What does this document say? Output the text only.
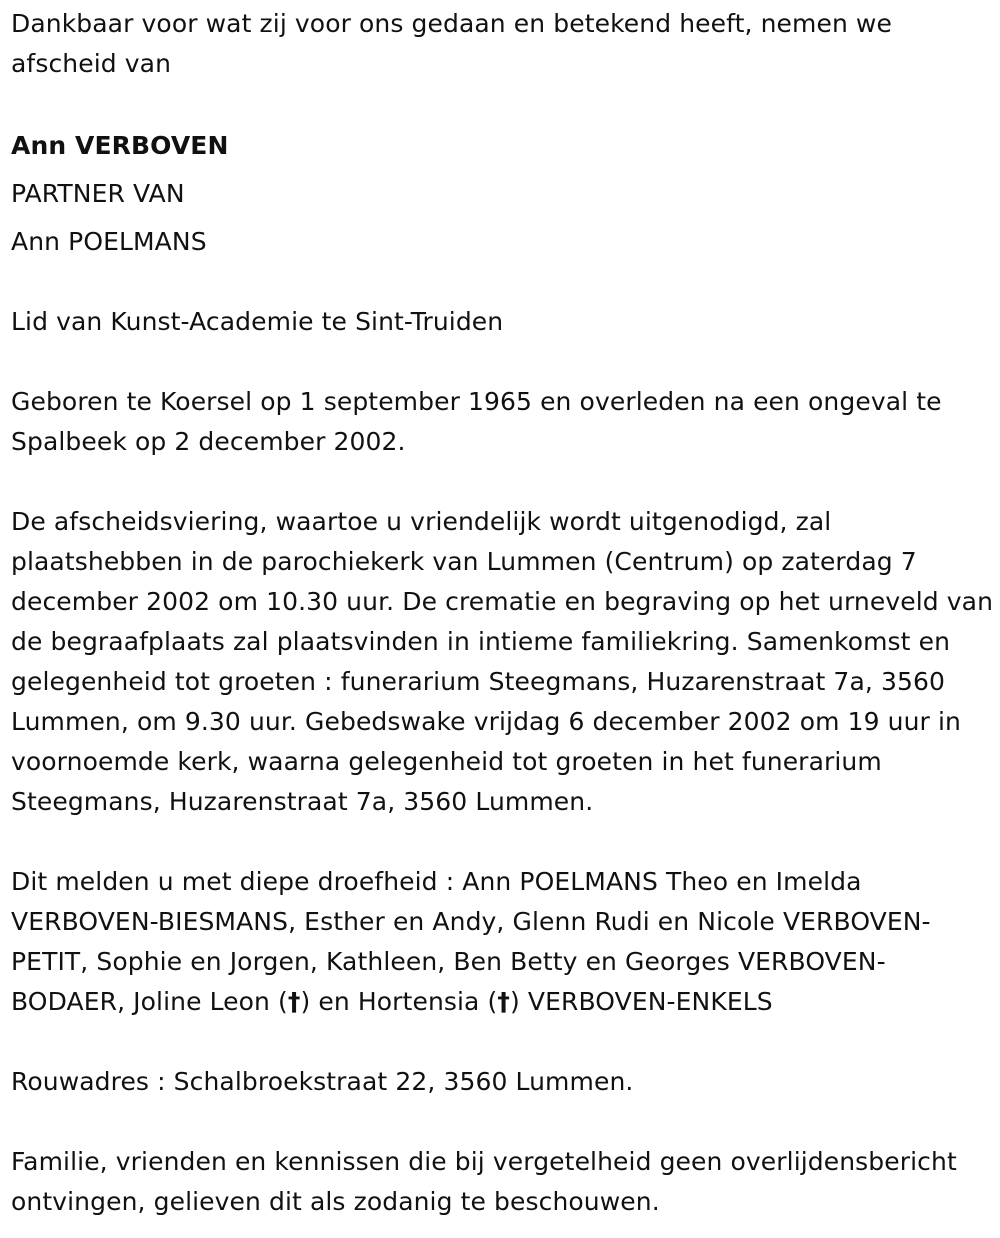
Dankbaar voor wat zij voor ons gedaan en betekend heeft, nemen we afscheid van

Ann VERBOVEN

PARTNER VAN

Ann POELMANS

Lid van Kunst-Academie te Sint-Truiden

Geboren te Koersel op 1 september 1965 en overleden na een ongeval te Spalbeek op 2 december 2002.

De afscheidsviering, waartoe u vriendelijk wordt uitgenodigd, zal plaatshebben in de parochiekerk van Lummen (Centrum) op zaterdag 7 december 2002 om 10.30 uur. De crematie en begraving op het urneveld van de begraafplaats zal plaatsvinden in intieme familiekring. Samenkomst en gelegenheid tot groeten : funerarium Steegmans, Huzarenstraat 7a, 3560 Lummen, om 9.30 uur. Gebedswake vrijdag 6 december 2002 om 19 uur in voornoemde kerk, waarna gelegenheid tot groeten in het funerarium Steegmans, Huzarenstraat 7a, 3560 Lummen.

Dit melden u met diepe droefheid : Ann POELMANS Theo en Imelda VERBOVEN-BIESMANS, Esther en Andy, Glenn Rudi en Nicole VERBOVEN-PETIT, Sophie en Jorgen, Kathleen, Ben Betty en Georges VERBOVEN-BODAER, Joline Leon (†) en Hortensia (†) VERBOVEN-ENKELS

Rouwadres : Schalbroekstraat 22, 3560 Lummen.

Familie, vrienden en kennissen die bij vergetelheid geen overlijdensbericht ontvingen, gelieven dit als zodanig te beschouwen.
